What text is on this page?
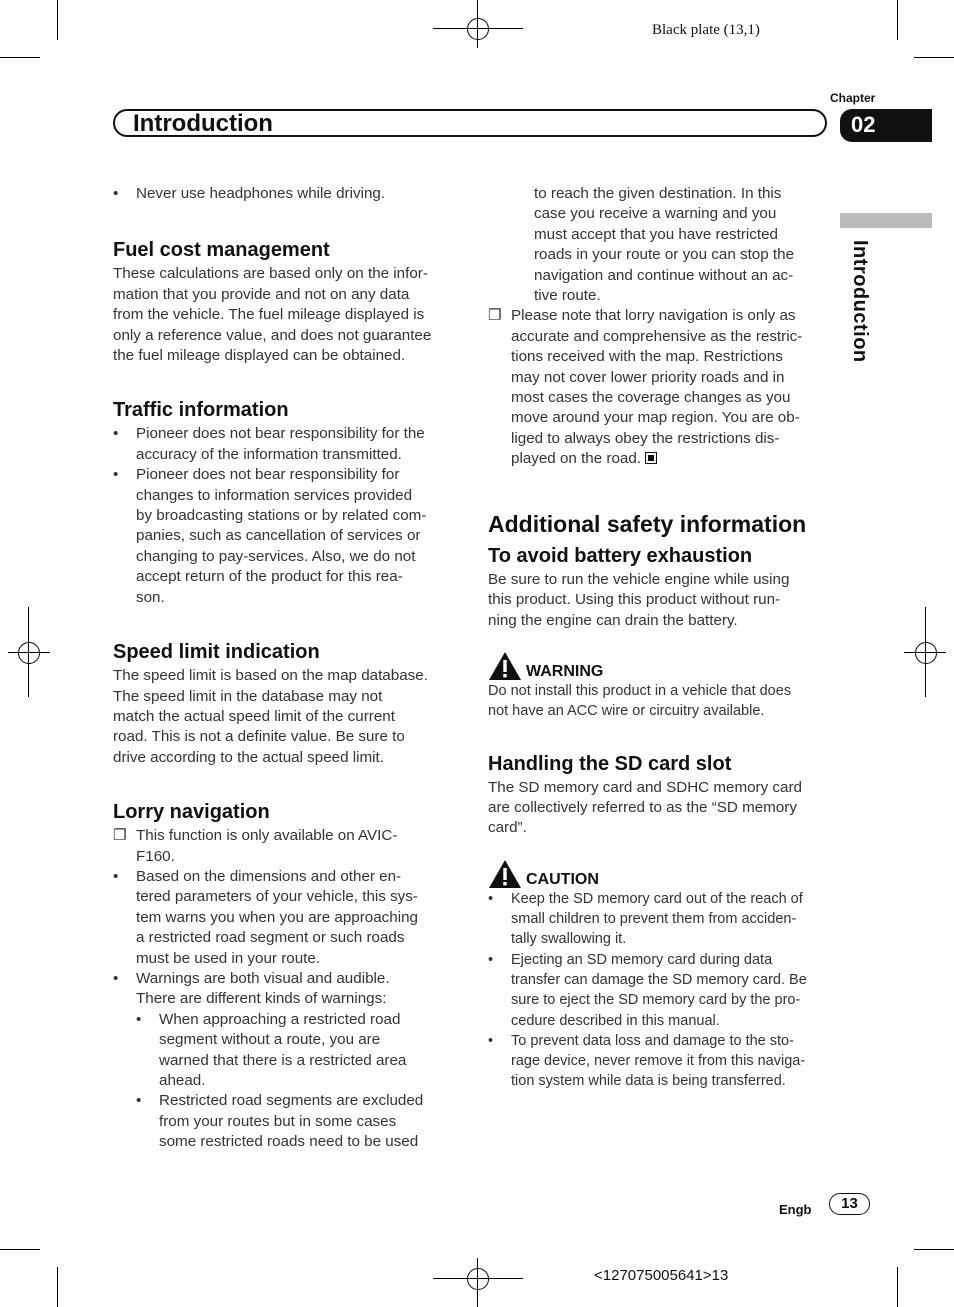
Black plate (13,1)
Chapter
Introduction	02
Introduction
• Never use headphones while driving.
Fuel cost management
These calculations are based only on the infor-
mation that you provide and not on any data
from the vehicle. The fuel mileage displayed is
only a reference value, and does not guarantee
the fuel mileage displayed can be obtained.
Traffic information
• Pioneer does not bear responsibility for the
accuracy of the information transmitted.
• Pioneer does not bear responsibility for
changes to information services provided
by broadcasting stations or by related com-
panies, such as cancellation of services or
changing to pay-services. Also, we do not
accept return of the product for this rea-
son.
Speed limit indication
The speed limit is based on the map database.
The speed limit in the database may not
match the actual speed limit of the current
road. This is not a definite value. Be sure to
drive according to the actual speed limit.
Lorry navigation
❐ This function is only available on AVIC-
F160.
• Based on the dimensions and other en-
tered parameters of your vehicle, this sys-
tem warns you when you are approaching
a restricted road segment or such roads
must be used in your route.
• Warnings are both visual and audible.
There are different kinds of warnings:
• When approaching a restricted road
segment without a route, you are
warned that there is a restricted area
ahead.
• Restricted road segments are excluded
from your routes but in some cases
some restricted roads need to be used
to reach the given destination. In this
case you receive a warning and you
must accept that you have restricted
roads in your route or you can stop the
navigation and continue without an ac-
tive route.
❐ Please note that lorry navigation is only as
accurate and comprehensive as the restric-
tions received with the map. Restrictions
may not cover lower priority roads and in
most cases the coverage changes as you
move around your map region. You are ob-
liged to always obey the restrictions dis-
played on the road.
Additional safety information
To avoid battery exhaustion
Be sure to run the vehicle engine while using
this product. Using this product without run-
ning the engine can drain the battery.
WARNING
Do not install this product in a vehicle that does
not have an ACC wire or circuitry available.
Handling the SD card slot
The SD memory card and SDHC memory card
are collectively referred to as the “SD memory
card”.
CAUTION
• Keep the SD memory card out of the reach of
small children to prevent them from acciden-
tally swallowing it.
• Ejecting an SD memory card during data
transfer can damage the SD memory card. Be
sure to eject the SD memory card by the pro-
cedure described in this manual.
• To prevent data loss and damage to the sto-
rage device, never remove it from this naviga-
tion system while data is being transferred.
Engb	13
<127075005641>13
